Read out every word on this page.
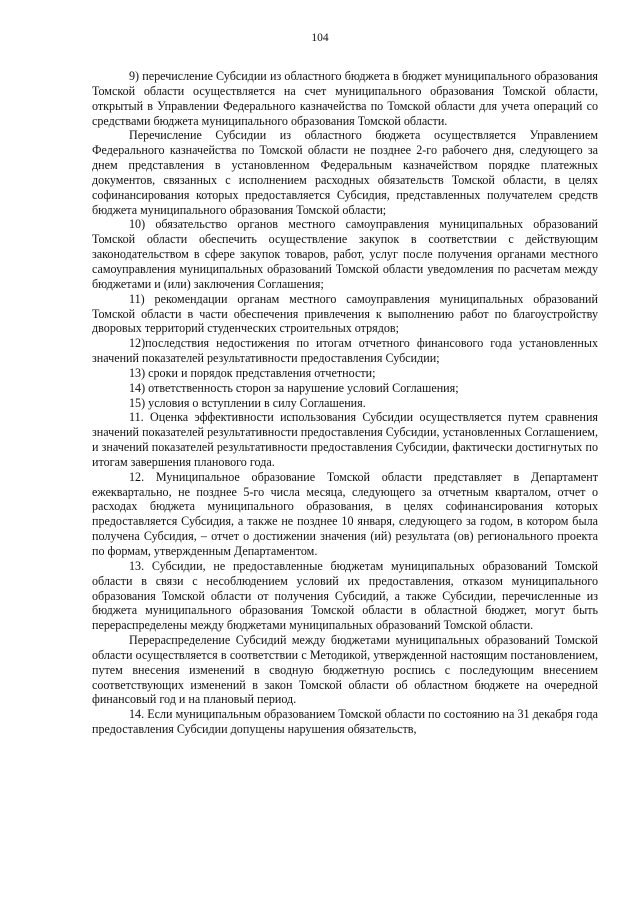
104

9) перечисление Субсидии из областного бюджета в бюджет муниципального образования Томской области осуществляется на счет муниципального образования Томской области, открытый в Управлении Федерального казначейства по Томской области для учета операций со средствами бюджета муниципального образования Томской области.

Перечисление Субсидии из областного бюджета осуществляется Управлением Федерального казначейства по Томской области не позднее 2-го рабочего дня, следующего за днем представления в установленном Федеральным казначейством порядке платежных документов, связанных с исполнением расходных обязательств Томской области, в целях софинансирования которых предоставляется Субсидия, представленных получателем средств бюджета муниципального образования Томской области;

10) обязательство органов местного самоуправления муниципальных образований Томской области обеспечить осуществление закупок в соответствии с действующим законодательством в сфере закупок товаров, работ, услуг после получения органами местного самоуправления муниципальных образований Томской области уведомления по расчетам между бюджетами и (или) заключения Соглашения;

11) рекомендации органам местного самоуправления муниципальных образований Томской области в части обеспечения привлечения к выполнению работ по благоустройству дворовых территорий студенческих строительных отрядов;

12)последствия недостижения по итогам отчетного финансового года установленных значений показателей результативности предоставления Субсидии;

13) сроки и порядок представления отчетности;

14) ответственность сторон за нарушение условий Соглашения;

15) условия о вступлении в силу Соглашения.

11. Оценка эффективности использования Субсидии осуществляется путем сравнения значений показателей результативности предоставления Субсидии, установленных Соглашением, и значений показателей результативности предоставления Субсидии, фактически достигнутых по итогам завершения планового года.

12. Муниципальное образование Томской области представляет в Департамент ежеквартально, не позднее 5-го числа месяца, следующего за отчетным кварталом, отчет о расходах бюджета муниципального образования, в целях софинансирования которых предоставляется Субсидия, а также не позднее 10 января, следующего за годом, в котором была получена Субсидия, – отчет о достижении значения (ий) результата (ов) регионального проекта по формам, утвержденным Департаментом.

13. Субсидии, не предоставленные бюджетам муниципальных образований Томской области в связи с несоблюдением условий их предоставления, отказом муниципального образования Томской области от получения Субсидий, а также Субсидии, перечисленные из бюджета муниципального образования Томской области в областной бюджет, могут быть перераспределены между бюджетами муниципальных образований Томской области.

Перераспределение Субсидий между бюджетами муниципальных образований Томской области осуществляется в соответствии с Методикой, утвержденной настоящим постановлением, путем внесения изменений в сводную бюджетную роспись с последующим внесением соответствующих изменений в закон Томской области об областном бюджете на очередной финансовый год и на плановый период.

14. Если муниципальным образованием Томской области по состоянию на 31 декабря года предоставления Субсидии допущены нарушения обязательств,
